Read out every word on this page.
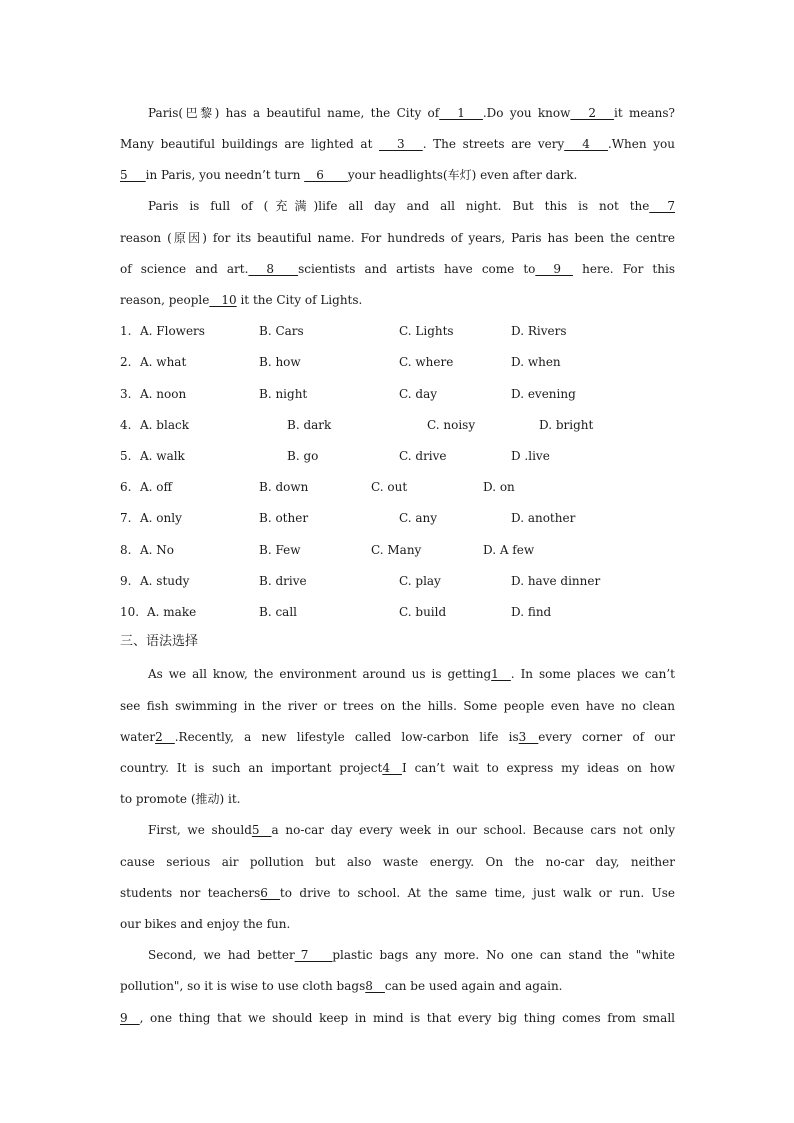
Paris(巴黎) has a beautiful name, the City of___1___.Do you know___2___it means?
Many beautiful buildings are lighted at ___3___. The streets are very___4___.When you
5___in Paris, you needn’t turn __6____your headlights(车灯) even after dark.
Paris is full of (充满)life all day and all night. But this is not the___7
reason (原因) for its beautiful name. For hundreds of years, Paris has been the centre
of science and art.___8____scientists and artists have come to___9__ here. For this
reason, people__10 it the City of Lights.
1. A. Flowers	B. Cars	C. Lights	D. Rivers
2. A. what	B. how	C. where	D. when
3. A. noon	B. night	C. day	D. evening
4. A. black	B. dark	C. noisy	D. bright
5. A. walk	B. go	C. drive	D .live
6. A. off	B. down	C. out	D. on
7. A. only	B. other	C. any	D. another
8. A. No	B. Few	C. Many	D. A few
9. A. study	B. drive	C. play	D. have dinner
10. A. make	B. call	C. build	D. find
三、语法选择
As we all know, the environment around us is getting1__. In some places we can’t
see fish swimming in the river or trees on the hills. Some people even have no clean
water2__.Recently, a new lifestyle called low-carbon life is3__every corner of our
country. It is such an important project4__I can’t wait to express my ideas on how
to promote (推动) it.
First, we should5__a no-car day every week in our school. Because cars not only
cause serious air pollution but also waste energy. On the no-car day, neither
students nor teachers6__to drive to school. At the same time, just walk or run. Use
our bikes and enjoy the fun.
Second, we had better_7____plastic bags any more. No one can stand the "white
pollution", so it is wise to use cloth bags8__can be used again and again.
9__, one thing that we should keep in mind is that every big thing comes from small
